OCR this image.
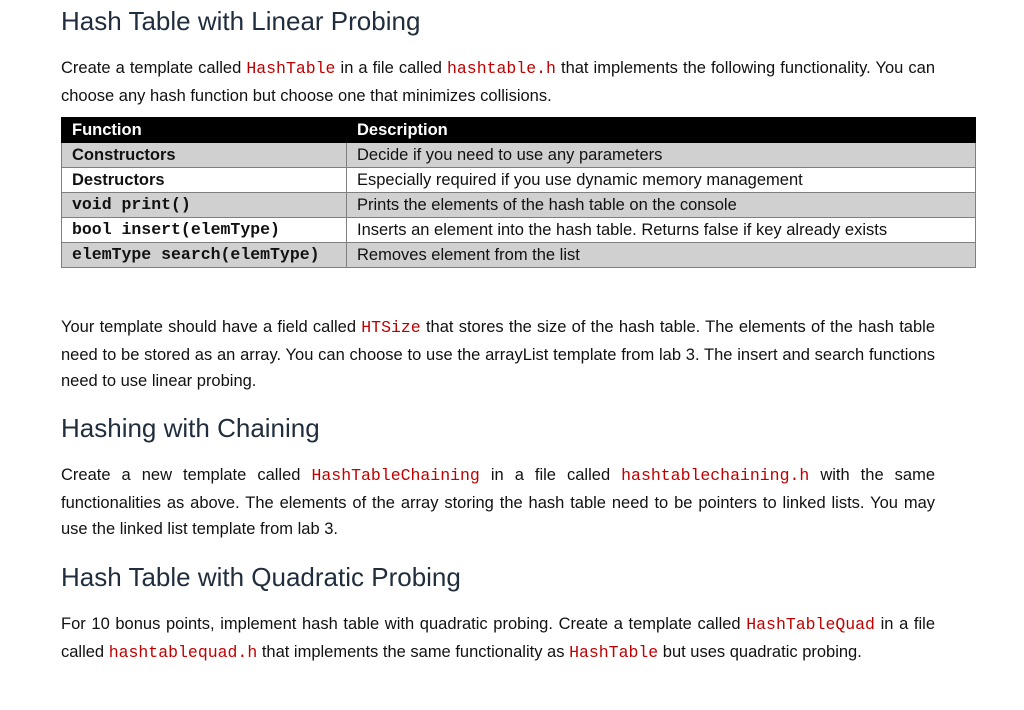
Hash Table with Linear Probing

Create a template called HashTable in a file called hashtable.h that implements the following functionality. You can choose any hash function but choose one that minimizes collisions.

Function	Description
Constructors	Decide if you need to use any parameters
Destructors	Especially required if you use dynamic memory management
void print()	Prints the elements of the hash table on the console
bool insert(elemType)	Inserts an element into the hash table. Returns false if key already exists
elemType search(elemType)	Removes element from the list

Your template should have a field called HTSize that stores the size of the hash table. The elements of the hash table need to be stored as an array. You can choose to use the arrayList template from lab 3. The insert and search functions need to use linear probing.

Hashing with Chaining

Create a new template called HashTableChaining in a file called hashtablechaining.h with the same functionalities as above. The elements of the array storing the hash table need to be pointers to linked lists. You may use the linked list template from lab 3.

Hash Table with Quadratic Probing

For 10 bonus points, implement hash table with quadratic probing. Create a template called HashTableQuad in a file called hashtablequad.h that implements the same functionality as HashTable but uses quadratic probing.
